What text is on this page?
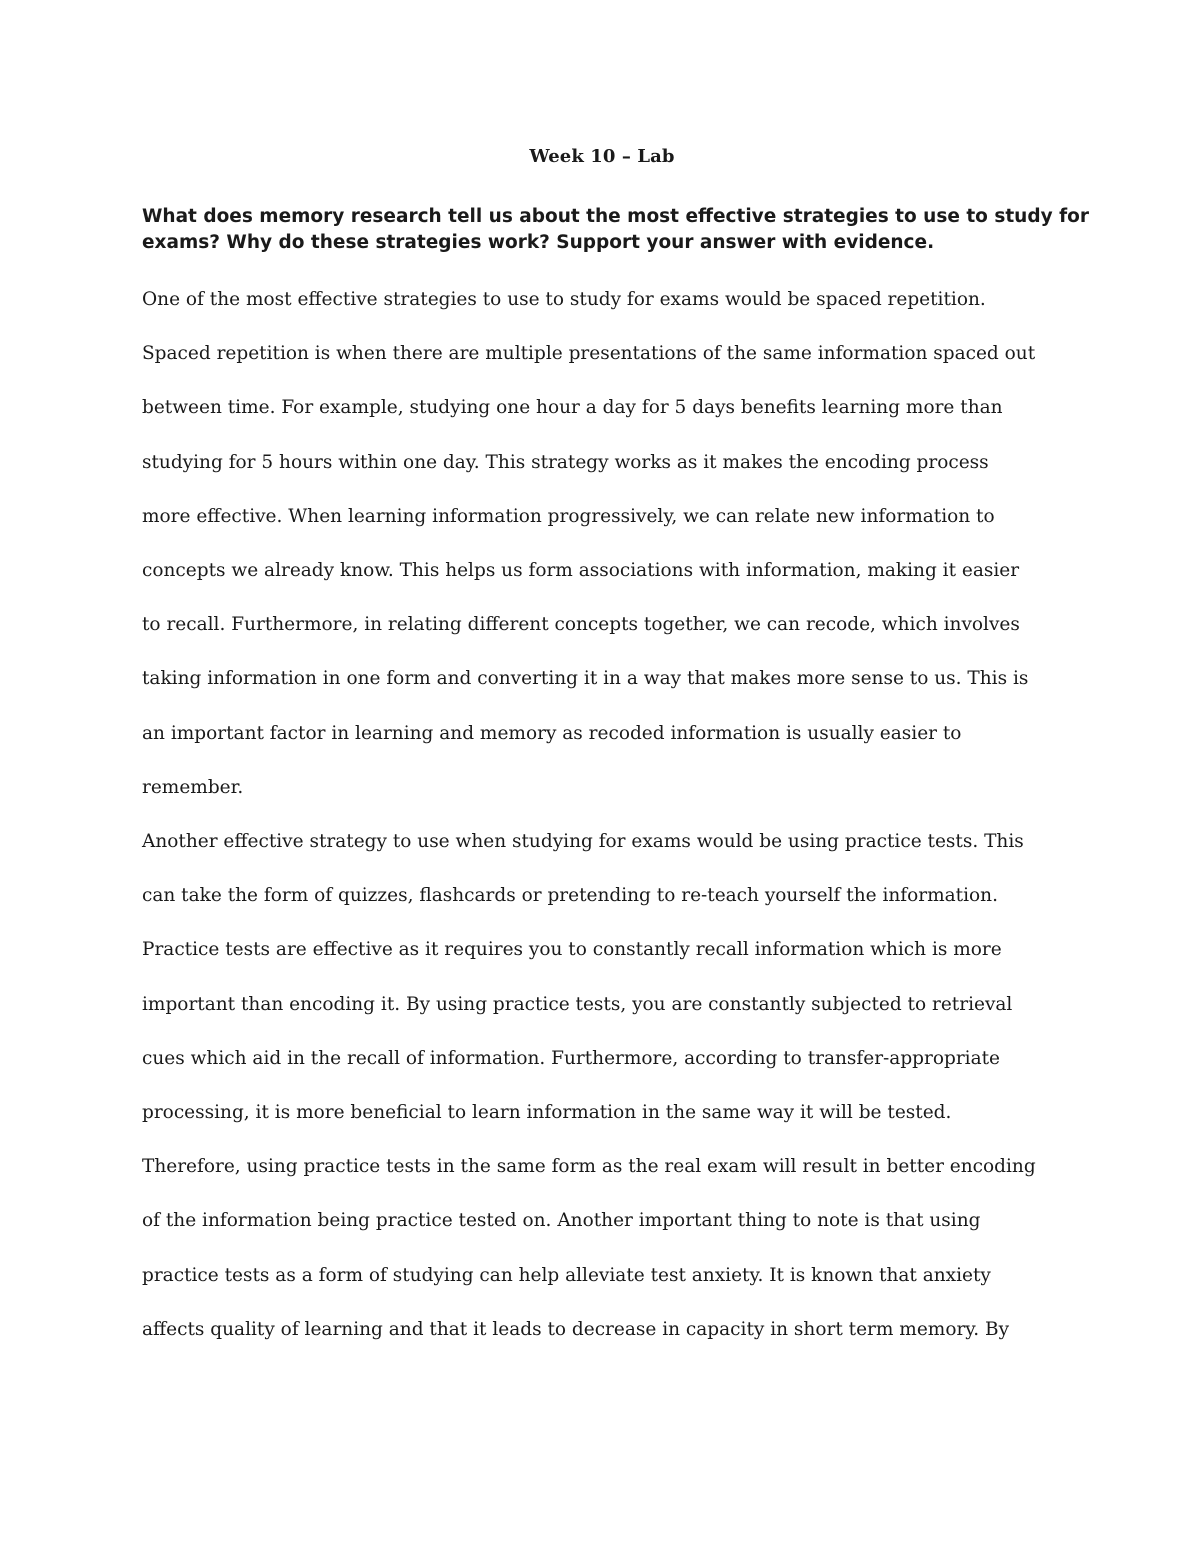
Week 10 – Lab
What does memory research tell us about the most effective strategies to use to study for
exams? Why do these strategies work? Support your answer with evidence.
One of the most effective strategies to use to study for exams would be spaced repetition.
Spaced repetition is when there are multiple presentations of the same information spaced out
between time. For example, studying one hour a day for 5 days benefits learning more than
studying for 5 hours within one day. This strategy works as it makes the encoding process
more effective. When learning information progressively, we can relate new information to
concepts we already know. This helps us form associations with information, making it easier
to recall. Furthermore, in relating different concepts together, we can recode, which involves
taking information in one form and converting it in a way that makes more sense to us. This is
an important factor in learning and memory as recoded information is usually easier to
remember.
Another effective strategy to use when studying for exams would be using practice tests. This
can take the form of quizzes, flashcards or pretending to re-teach yourself the information.
Practice tests are effective as it requires you to constantly recall information which is more
important than encoding it. By using practice tests, you are constantly subjected to retrieval
cues which aid in the recall of information. Furthermore, according to transfer-appropriate
processing, it is more beneficial to learn information in the same way it will be tested.
Therefore, using practice tests in the same form as the real exam will result in better encoding
of the information being practice tested on. Another important thing to note is that using
practice tests as a form of studying can help alleviate test anxiety. It is known that anxiety
affects quality of learning and that it leads to decrease in capacity in short term memory. By
